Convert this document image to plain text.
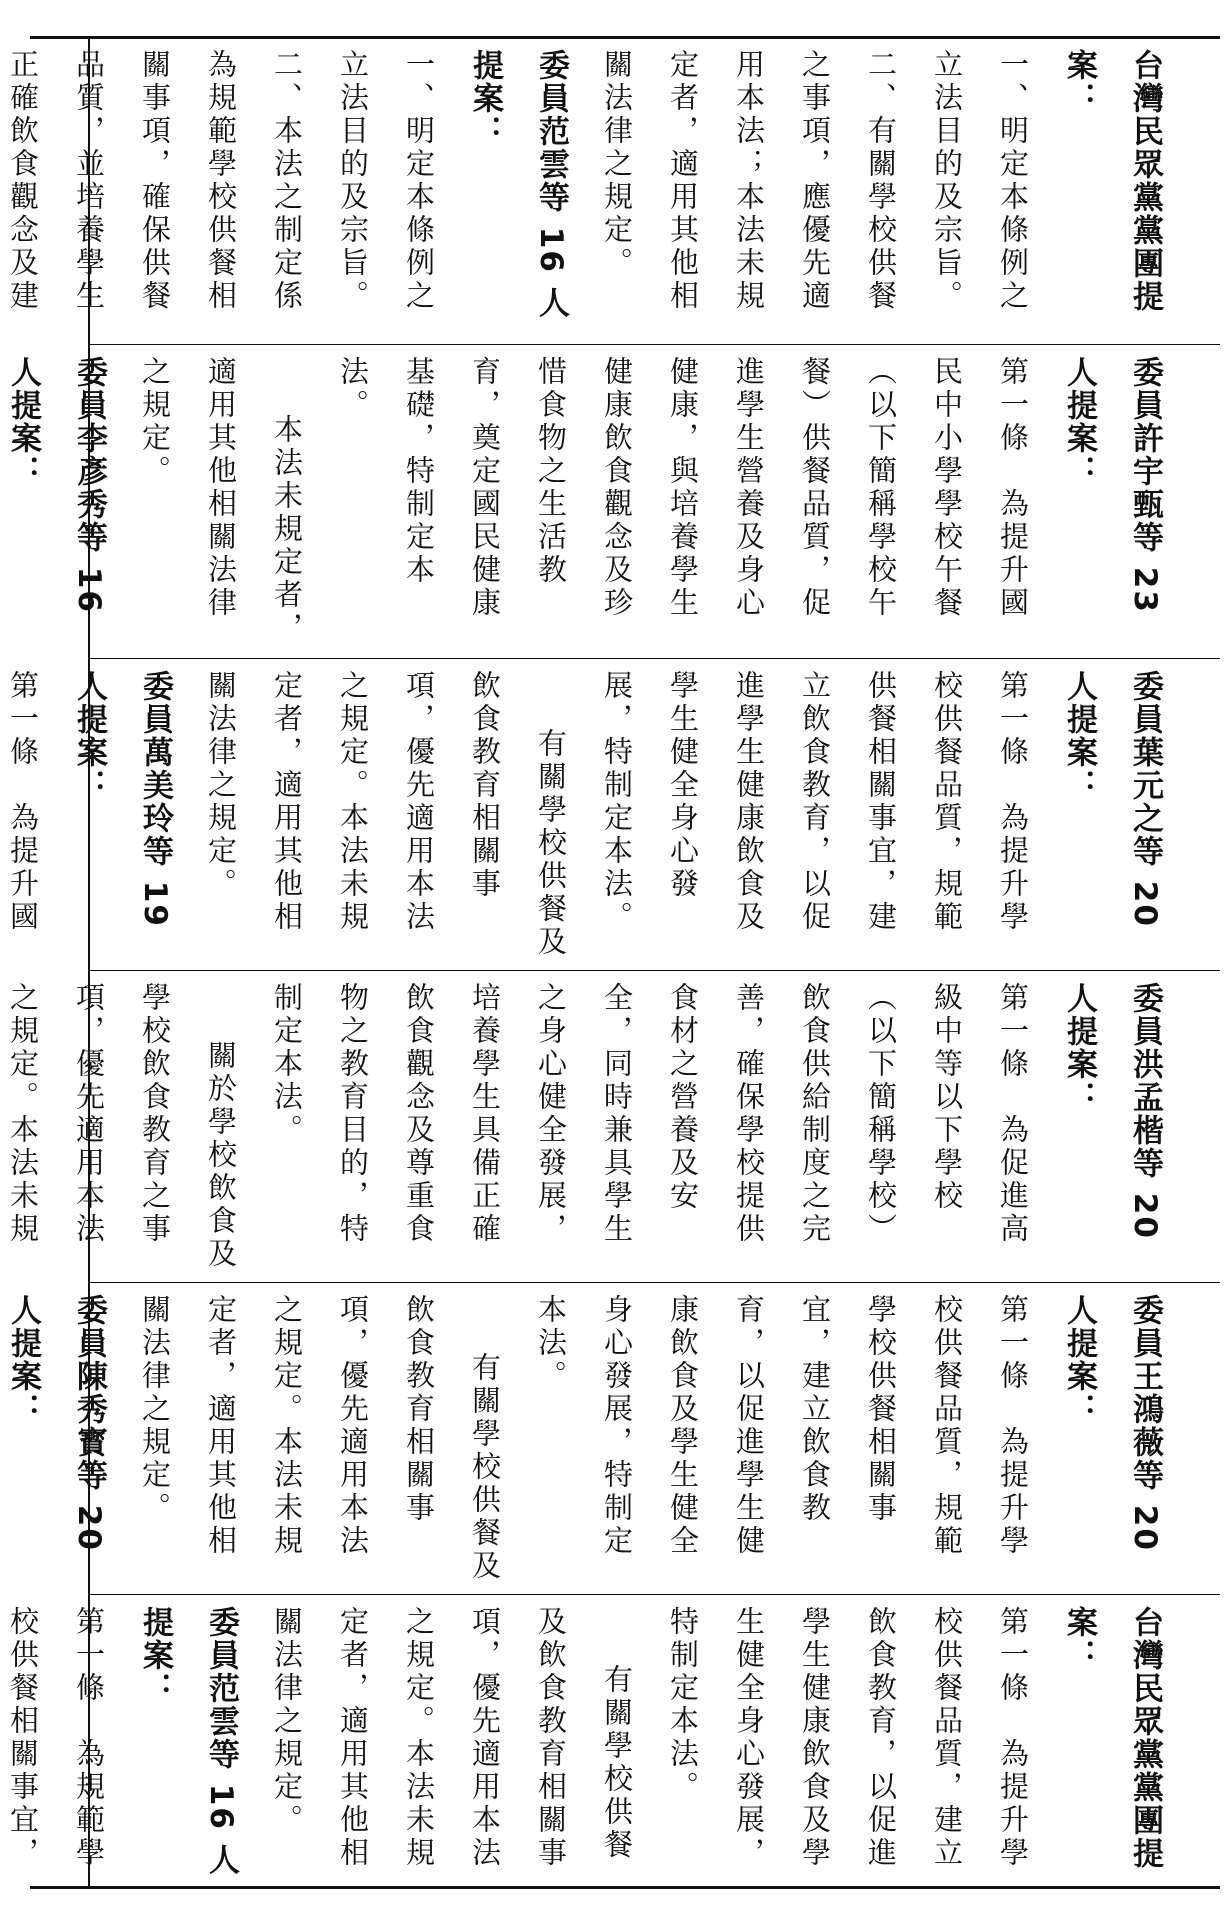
台灣民眾黨黨團提案：
第一條　為提升學校供餐品質，建立飲食教育，以促進學生健康飲食及學生健全身心發展，特制定本法。
有關學校供餐及飲食教育相關事項，優先適用本法之規定。本法未規定者，適用其他相關法律之規定。
委員范雲等 16 人提案：
第一條　為規範學校供餐相關事宜，
委員王鴻薇等 20 人提案：
第一條　為提升學校供餐品質，規範學校供餐相關事宜，建立飲食教育，以促進學生健康飲食及學生健全身心發展，特制定本法。
有關學校供餐及飲食教育相關事項，優先適用本法之規定。本法未規定者，適用其他相關法律之規定。
委員陳秀寳等 20 人提案：
委員洪孟楷等 20 人提案：
第一條　為促進高級中等以下學校（以下簡稱學校）飲食供給制度之完善，確保學校提供食材之營養及安全，同時兼具學生之身心健全發展，培養學生具備正確飲食觀念及尊重食物之教育目的，特制定本法。
關於學校飲食及學校飲食教育之事項，優先適用本法之規定。本法未規
委員葉元之等 20 人提案：
第一條　為提升學校供餐品質，規範供餐相關事宜，建立飲食教育，以促進學生健康飲食及學生健全身心發展，特制定本法。
有關學校供餐及飲食教育相關事項，優先適用本法之規定。本法未規定者，適用其他相關法律之規定。
委員萬美玲等 19 人提案：
第一條　為提升國
委員許宇甄等 23 人提案：
第一條　為提升國民中小學學校午餐（以下簡稱學校午餐）供餐品質，促進學生營養及身心健康，與培養學生健康飲食觀念及珍惜食物之生活教育，奠定國民健康基礎，特制定本法。
本法未規定者，適用其他相關法律之規定。
委員李彥秀等 16 人提案：
台灣民眾黨黨團提案：
一、明定本條例之立法目的及宗旨。
二、有關學校供餐之事項，應優先適用本法；本法未規定者，適用其他相關法律之規定。
委員范雲等 16 人提案：
一、明定本條例之立法目的及宗旨。
二、本法之制定係為規範學校供餐相關事項，確保供餐品質，並培養學生正確飲食觀念及建
